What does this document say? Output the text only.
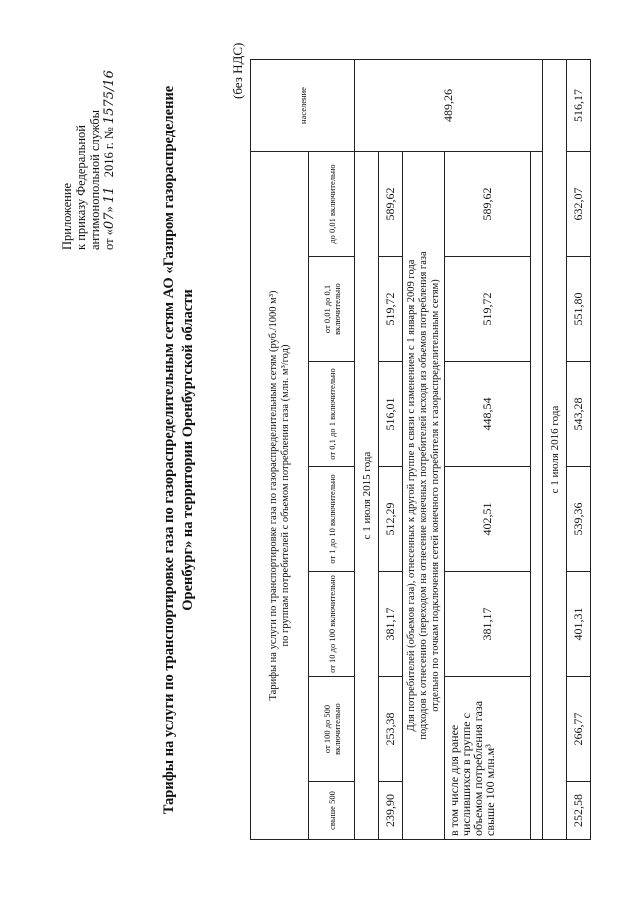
Приложение к приказу Федеральной антимонопольной службы от «07» 11   2016 г. № 1575/16	Тарифы на услуги по транспортировке газа по газораспределительным сетям АО «Газпром газораспределение Оренбург» на территории Оренбургской области
(без НДС)
Тарифы на услуги по транспортировке газа по газораспределительным сетям (руб./1000 м³) по группам потребителей с объемом потребления газа (млн. м³/год)							население
свыше 500	от 100 до 500 включительно	от 10 до 100 включительно	от 1 до 10 включительно	от 0,1 до 1 включительно	от 0,01 до 0,1 включительно	до 0,01 включительно	
с 1 июля 2015 года							489,26
239,90	253,38	381,17	512,29	516,01	519,72	589,62	

Для потребителей (объемов газа), отнесенных к другой группе в связи с изменением с 1 января 2009 года подходов к отнесению (переходом на отнесение конечных потребителей исходя из объемов потребления газа отдельно по точкам подключения сетей конечного потребителя к газораспределительным сетям)							

в том числе для ранее числившихся в группе с объемом потребления газа свыше 100 млн.м³		381,17	402,51	448,54	519,72	589,62	

с 1 июля 2016 года							
252,58	266,77	401,31	539,36	543,28	551,80	632,07	516,17
